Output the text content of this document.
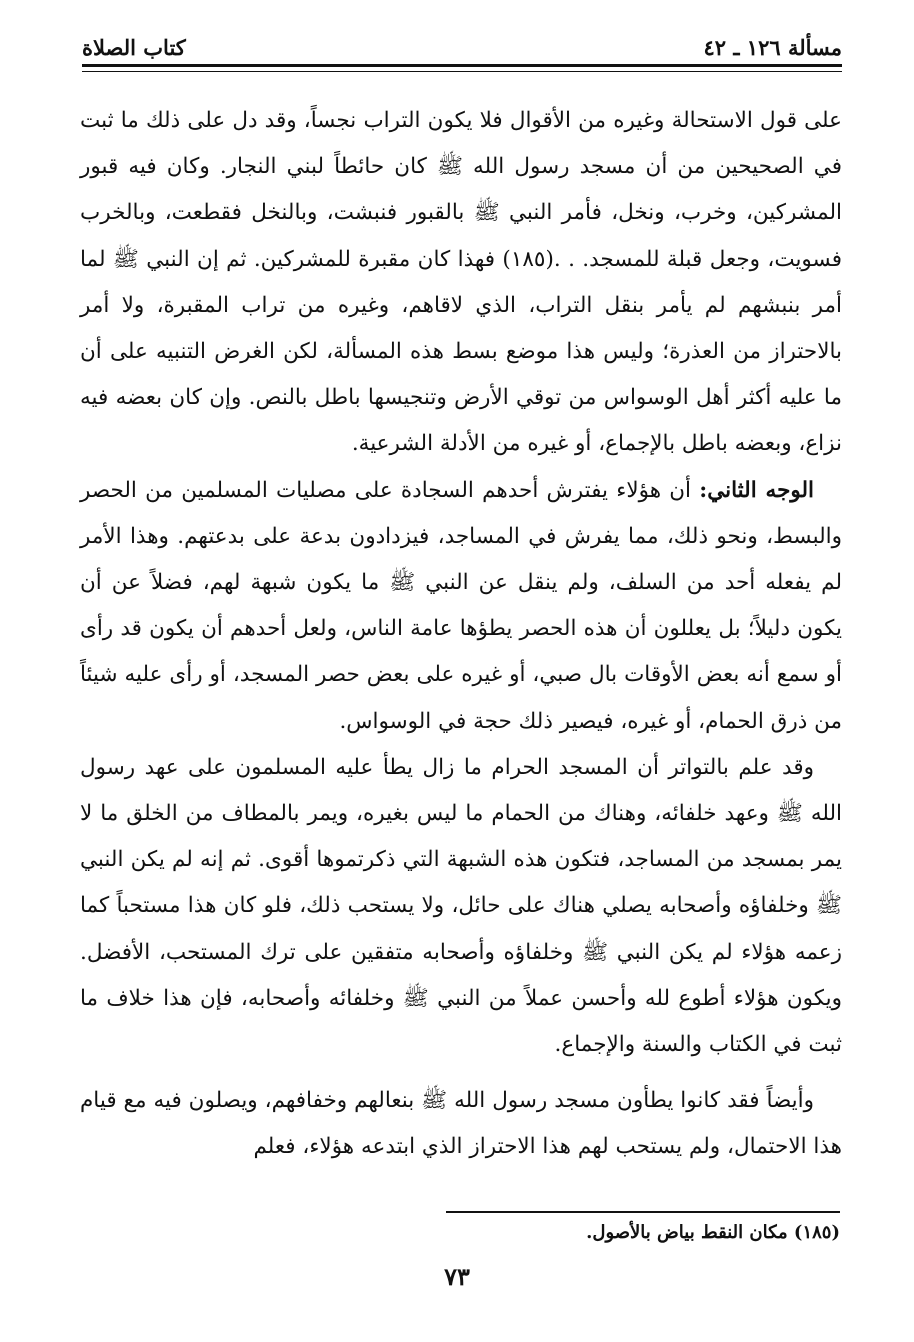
مسألة ١٢٦ ـ ٤٢
كتاب الصلاة

على قول الاستحالة وغيره من الأقوال فلا يكون التراب نجساً، وقد دل على ذلك ما ثبت في الصحيحين من أن مسجد رسول الله ﷺ كان حائطاً لبني النجار. وكان فيه قبور المشركين، وخرب، ونخل، فأمر النبي ﷺ بالقبور فنبشت، وبالنخل فقطعت، وبالخرب فسويت، وجعل قبلة للمسجد. . .(١٨٥) فهذا كان مقبرة للمشركين. ثم إن النبي ﷺ لما أمر بنبشهم لم يأمر بنقل التراب، الذي لاقاهم، وغيره من تراب المقبرة، ولا أمر بالاحتراز من العذرة؛ وليس هذا موضع بسط هذه المسألة، لكن الغرض التنبيه على أن ما عليه أكثر أهل الوسواس من توقي الأرض وتنجيسها باطل بالنص. وإن كان بعضه فيه نزاع، وبعضه باطل بالإجماع، أو غيره من الأدلة الشرعية.

الوجه الثاني: أن هؤلاء يفترش أحدهم السجادة على مصليات المسلمين من الحصر والبسط، ونحو ذلك، مما يفرش في المساجد، فيزدادون بدعة على بدعتهم. وهذا الأمر لم يفعله أحد من السلف، ولم ينقل عن النبي ﷺ ما يكون شبهة لهم، فضلاً عن أن يكون دليلاً؛ بل يعللون أن هذه الحصر يطؤها عامة الناس، ولعل أحدهم أن يكون قد رأى أو سمع أنه بعض الأوقات بال صبي، أو غيره على بعض حصر المسجد، أو رأى عليه شيئاً من ذرق الحمام، أو غيره، فيصير ذلك حجة في الوسواس.

وقد علم بالتواتر أن المسجد الحرام ما زال يطأ عليه المسلمون على عهد رسول الله ﷺ وعهد خلفائه، وهناك من الحمام ما ليس بغيره، ويمر بالمطاف من الخلق ما لا يمر بمسجد من المساجد، فتكون هذه الشبهة التي ذكرتموها أقوى. ثم إنه لم يكن النبي ﷺ وخلفاؤه وأصحابه يصلي هناك على حائل، ولا يستحب ذلك، فلو كان هذا مستحباً كما زعمه هؤلاء لم يكن النبي ﷺ وخلفاؤه وأصحابه متفقين على ترك المستحب، الأفضل. ويكون هؤلاء أطوع لله وأحسن عملاً من النبي ﷺ وخلفائه وأصحابه، فإن هذا خلاف ما ثبت في الكتاب والسنة والإجماع.

وأيضاً فقد كانوا يطأون مسجد رسول الله ﷺ بنعالهم وخفافهم، ويصلون فيه مع قيام هذا الاحتمال، ولم يستحب لهم هذا الاحتراز الذي ابتدعه هؤلاء، فعلم

(١٨٥) مكان النقط بياض بالأصول.
٧٣
